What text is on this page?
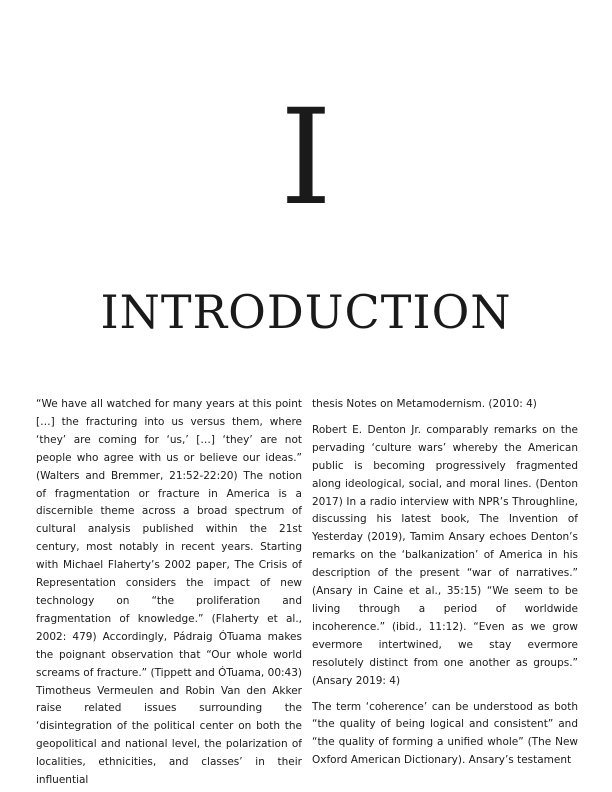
I
INTRODUCTION

“We have all watched for many years at this point […] the fracturing into us versus them, where ‘they’ are coming for ‘us,’ […] ‘they’ are not people who agree with us or believe our ideas.” (Walters and Bremmer, 21:52-22:20) The notion of fragmentation or fracture in America is a discernible theme across a broad spectrum of cultural analysis published within the 21st century, most notably in recent years. Starting with Michael Flaherty’s 2002 paper, The Crisis of Representation considers the impact of new technology on “the proliferation and fragmentation of knowledge.” (Flaherty et al., 2002: 479) Accordingly, Pádraig ÓTuama makes the poignant observation that “Our whole world screams of fracture.” (Tippett and ÓTuama, 00:43) Timotheus Vermeulen and Robin Van den Akker raise related issues surrounding the ‘disintegration of the political center on both the geopolitical and national level, the polarization of localities, ethnicities, and classes’ in their influential

thesis Notes on Metamodernism. (2010: 4)

Robert E. Denton Jr. comparably remarks on the pervading ‘culture wars’ whereby the American public is becoming progressively fragmented along ideological, social, and moral lines. (Denton 2017) In a radio interview with NPR’s Throughline, discussing his latest book, The Invention of Yesterday (2019), Tamim Ansary echoes Denton’s remarks on the ‘balkanization’ of America in his description of the present “war of narratives.” (Ansary in Caine et al., 35:15) “We seem to be living through a period of worldwide incoherence.” (ibid., 11:12). “Even as we grow evermore intertwined, we stay evermore resolutely distinct from one another as groups.” (Ansary 2019: 4)

The term ‘coherence’ can be understood as both “the quality of being logical and consistent” and “the quality of forming a unified whole” (The New Oxford American Dictionary). Ansary’s testament
